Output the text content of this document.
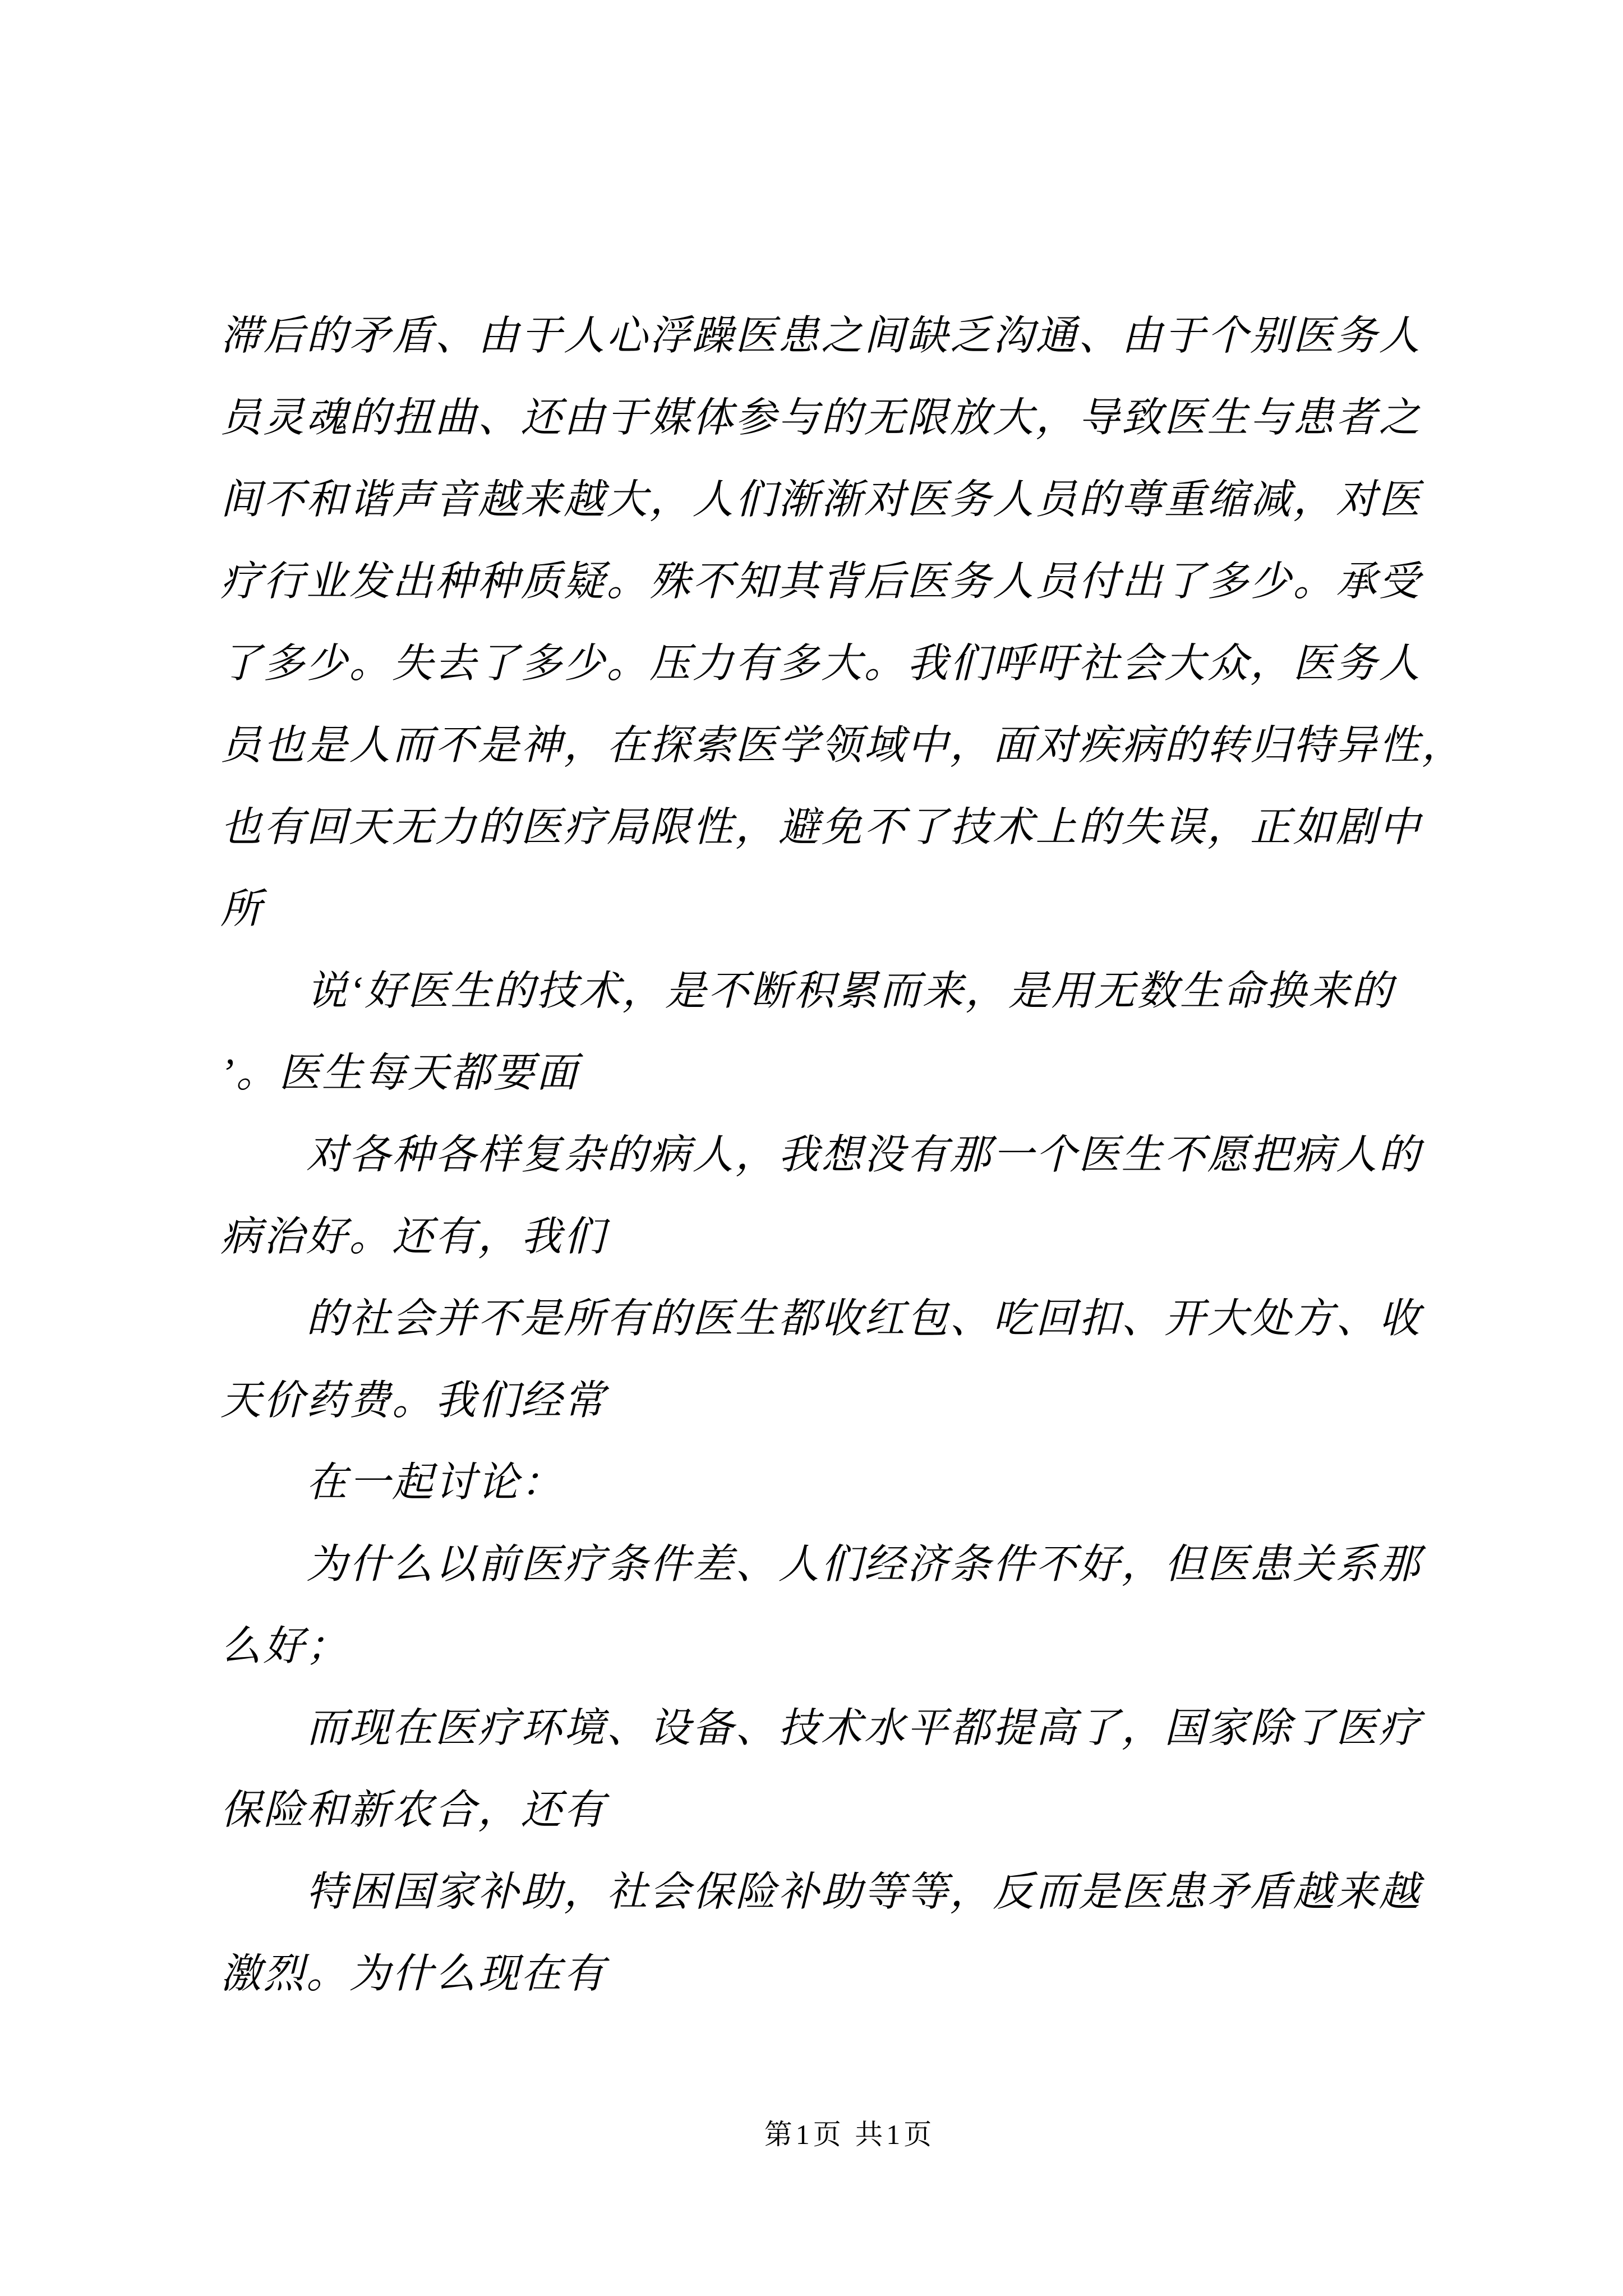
滞后的矛盾、由于人心浮躁医患之间缺乏沟通、由于个别医务人
员灵魂的扭曲、还由于媒体参与的无限放大，导致医生与患者之
间不和谐声音越来越大，人们渐渐对医务人员的尊重缩减，对医
疗行业发出种种质疑。殊不知其背后医务人员付出了多少。承受
了多少。失去了多少。压力有多大。我们呼吁社会大众，医务人
员也是人而不是神，在探索医学领域中，面对疾病的转归特异性，
也有回天无力的医疗局限性，避免不了技术上的失误，正如剧中
所
说‘好医生的技术，是不断积累而来，是用无数生命换来的
’。医生每天都要面
对各种各样复杂的病人，我想没有那一个医生不愿把病人的
病治好。还有，我们
的社会并不是所有的医生都收红包、吃回扣、开大处方、收
天价药费。我们经常
在一起讨论：
为什么以前医疗条件差、人们经济条件不好，但医患关系那
么好；
而现在医疗环境、设备、技术水平都提高了，国家除了医疗
保险和新农合，还有
特困国家补助，社会保险补助等等，反而是医患矛盾越来越
激烈。为什么现在有
第1页 共1页
